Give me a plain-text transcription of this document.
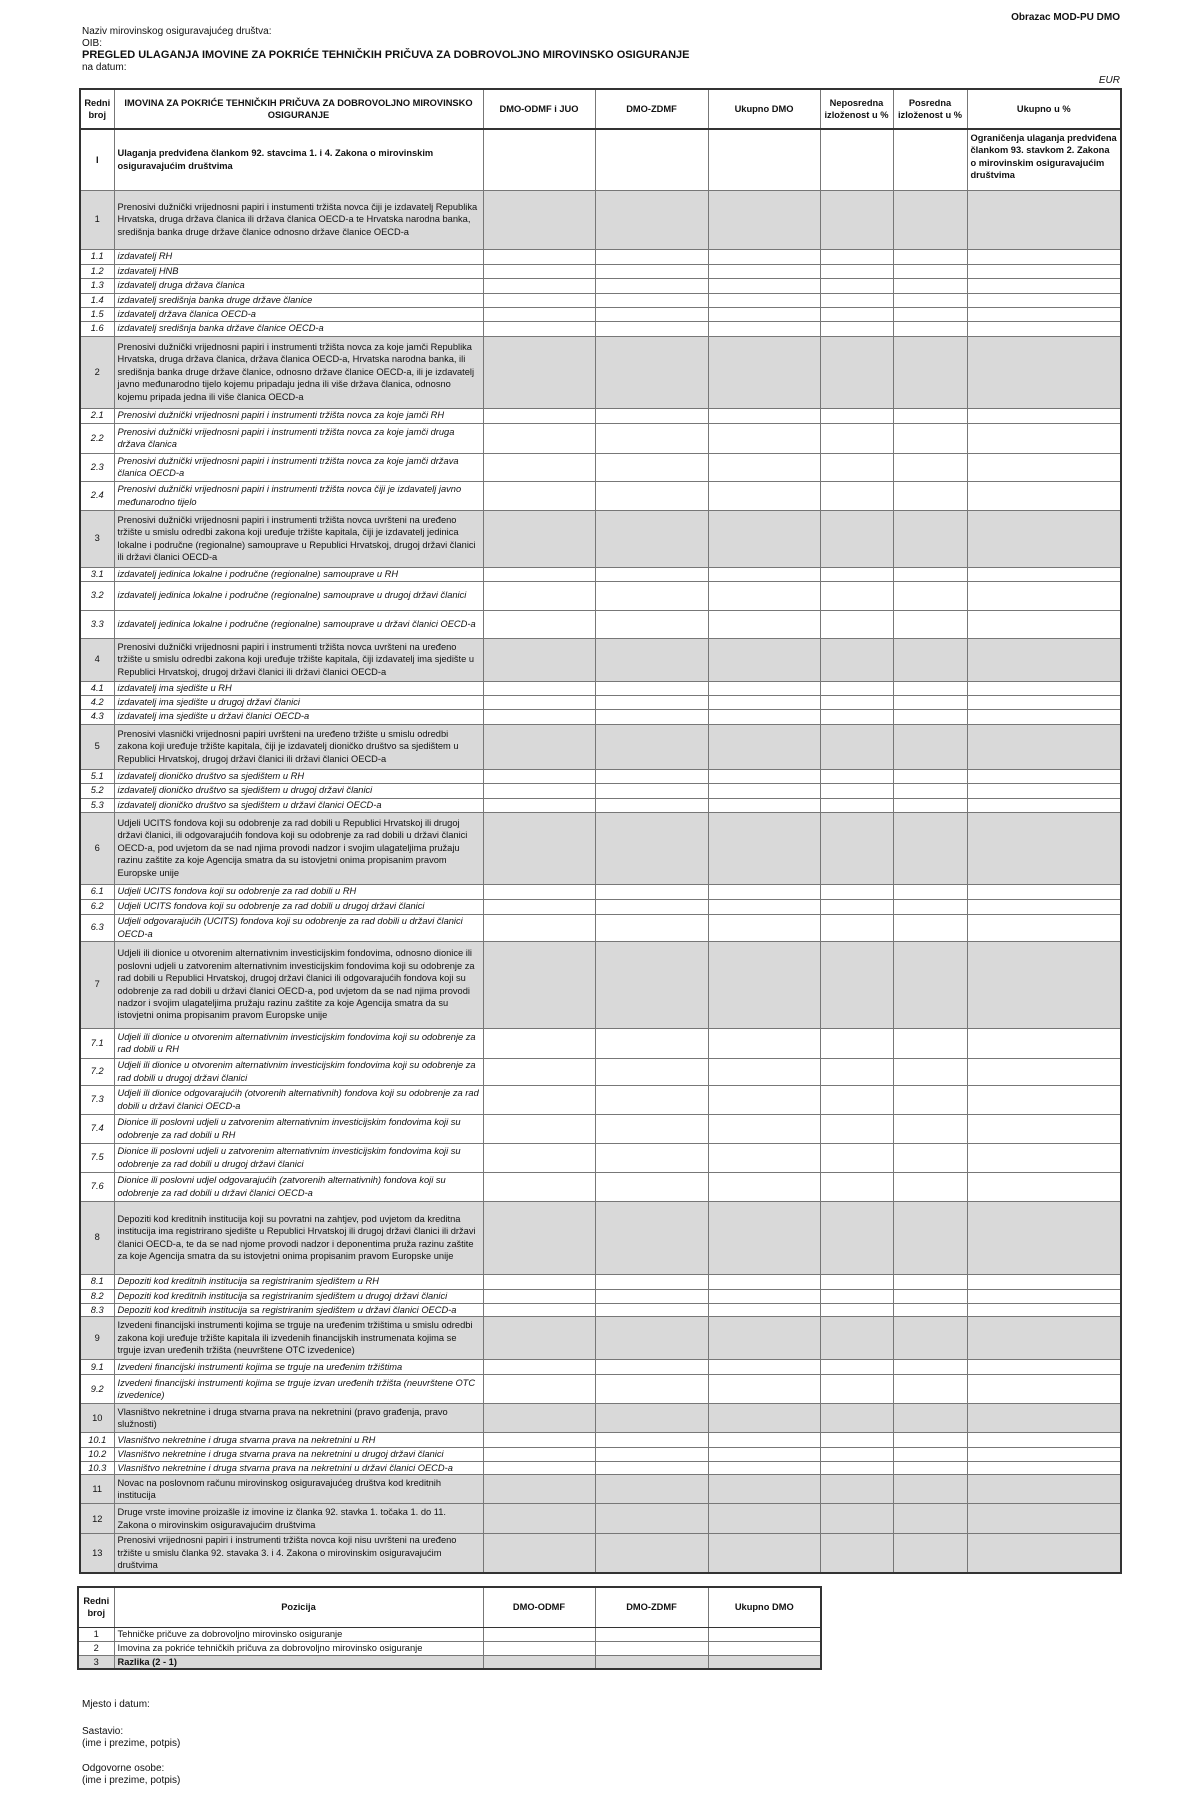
Obrazac MOD-PU DMO
Naziv mirovinskog osiguravajućeg društva:
OIB:
PREGLED ULAGANJA IMOVINE ZA POKRIĆE TEHNIČKIH PRIČUVA ZA DOBROVOLJNO MIROVINSKO OSIGURANJE
na datum:
EUR
Redni broj	IMOVINA ZA POKRIĆE TEHNIČKIH PRIČUVA ZA DOBROVOLJNO MIROVINSKO OSIGURANJE	DMO-ODMF i JUO	DMO-ZDMF	Ukupno DMO	Neposredna izloženost u %	Posredna izloženost u %	Ukupno u %
I	Ulaganja predviđena člankom 92. stavcima 1. i 4. Zakona o mirovinskim osiguravajućim društvima						Ograničenja ulaganja predviđena člankom 93. stavkom 2. Zakona o mirovinskim osiguravajućim društvima
1	Prenosivi dužnički vrijednosni papiri i instumenti tržišta novca čiji je izdavatelj Republika Hrvatska, druga država članica ili država članica OECD-a te Hrvatska narodna banka, središnja banka druge države članice odnosno države članice OECD-a						
1.1	izdavatelj RH						
1.2	izdavatelj HNB						
1.3	izdavatelj druga država članica						
1.4	izdavatelj središnja banka druge države članice						
1.5	izdavatelj država članica OECD-a						
1.6	izdavatelj središnja banka države članice OECD-a						
2	Prenosivi dužnički vrijednosni papiri i instrumenti tržišta novca za koje jamči Republika Hrvatska, druga država članica, država članica OECD-a, Hrvatska narodna banka, ili središnja banka druge države članice, odnosno države članice OECD-a, ili je izdavatelj javno međunarodno tijelo kojemu pripadaju jedna ili više država članica, odnosno kojemu pripada jedna ili više članica OECD-a						
2.1	Prenosivi dužnički vrijednosni papiri i instrumenti tržišta novca za koje jamči RH						
2.2	Prenosivi dužnički vrijednosni papiri i instrumenti tržišta novca za koje jamči druga država članica						
2.3	Prenosivi dužnički vrijednosni papiri i instrumenti tržišta novca za koje jamči država članica OECD-a						
2.4	Prenosivi dužnički vrijednosni papiri i instrumenti tržišta novca čiji je izdavatelj javno međunarodno tijelo						
3	Prenosivi dužnički vrijednosni papiri i instrumenti tržišta novca uvršteni na uređeno tržište u smislu odredbi zakona koji uređuje tržište kapitala, čiji je izdavatelj jedinica lokalne i područne (regionalne) samouprave u Republici Hrvatskoj, drugoj državi članici ili državi članici OECD-a						
3.1	izdavatelj jedinica lokalne i područne (regionalne) samouprave u RH						
3.2	izdavatelj jedinica lokalne i područne (regionalne) samouprave u drugoj državi članici						
3.3	izdavatelj jedinica lokalne i područne (regionalne) samouprave u državi članici OECD-a						
4	Prenosivi dužnički vrijednosni papiri i instrumenti tržišta novca uvršteni na uređeno tržište u smislu odredbi zakona koji uređuje tržište kapitala, čiji izdavatelj ima sjedište u Republici Hrvatskoj, drugoj državi članici ili državi članici OECD-a						
4.1	izdavatelj ima sjedište u RH						
4.2	izdavatelj ima sjedište u drugoj državi članici						
4.3	izdavatelj ima sjedište u državi članici OECD-a						
5	Prenosivi vlasnički vrijednosni papiri uvršteni na uređeno tržište u smislu odredbi zakona koji uređuje tržište kapitala, čiji je izdavatelj dioničko društvo sa sjedištem u Republici Hrvatskoj, drugoj državi članici ili državi članici OECD-a						
5.1	izdavatelj dioničko društvo sa sjedištem u RH						
5.2	izdavatelj dioničko društvo sa sjedištem u drugoj državi članici						
5.3	izdavatelj dioničko društvo sa sjedištem u državi članici OECD-a						
6	Udjeli UCITS fondova koji su odobrenje za rad dobili u Republici Hrvatskoj ili drugoj državi članici, ili odgovarajućih fondova koji su odobrenje za rad dobili u državi članici OECD-a, pod uvjetom da se nad njima provodi nadzor i svojim ulagateljima pružaju razinu zaštite za koje Agencija smatra da su istovjetni onima propisanim pravom Europske unije						
6.1	Udjeli UCITS fondova koji su odobrenje za rad dobili u RH						
6.2	Udjeli UCITS fondova koji su odobrenje za rad dobili u drugoj državi članici						
6.3	Udjeli odgovarajućih (UCITS) fondova koji su odobrenje za rad dobili u državi članici OECD-a						
7	Udjeli ili dionice u otvorenim alternativnim investicijskim fondovima, odnosno dionice ili poslovni udjeli u zatvorenim alternativnim investicijskim fondovima koji su odobrenje za rad dobili u Republici Hrvatskoj, drugoj državi članici ili odgovarajućih fondova koji su odobrenje za rad dobili u državi članici OECD-a, pod uvjetom da se nad njima provodi nadzor i svojim ulagateljima pružaju razinu zaštite za koje Agencija smatra da su istovjetni onima propisanim pravom Europske unije						
7.1	Udjeli ili dionice u otvorenim alternativnim investicijskim fondovima koji su odobrenje za rad dobili u RH						
7.2	Udjeli ili dionice u otvorenim alternativnim investicijskim fondovima koji su odobrenje za rad dobili u drugoj državi članici						
7.3	Udjeli ili dionice odgovarajućih (otvorenih alternativnih) fondova koji su odobrenje za rad dobili u državi članici OECD-a						
7.4	Dionice ili poslovni udjeli u zatvorenim alternativnim investicijskim fondovima koji su odobrenje za rad dobili u RH						
7.5	Dionice ili poslovni udjeli u zatvorenim alternativnim investicijskim fondovima koji su odobrenje za rad dobili u drugoj državi članici						
7.6	Dionice ili poslovni udjel odgovarajućih (zatvorenih alternativnih) fondova koji su odobrenje za rad dobili u državi članici OECD-a						
8	Depoziti kod kreditnih institucija koji su povratni na zahtjev, pod uvjetom da kreditna institucija ima registrirano sjedište u Republici Hrvatskoj ili drugoj državi članici ili državi članici OECD-a, te da se nad njome provodi nadzor i deponentima pruža razinu zaštite za koje Agencija smatra da su istovjetni onima propisanim pravom Europske unije						
8.1	Depoziti kod kreditnih institucija sa registriranim sjedištem u RH						
8.2	Depoziti kod kreditnih institucija sa registriranim sjedištem u drugoj državi članici						
8.3	Depoziti kod kreditnih institucija sa registriranim sjedištem u državi članici OECD-a						
9	Izvedeni financijski instrumenti kojima se trguje na uređenim tržištima u smislu odredbi zakona koji uređuje tržište kapitala ili izvedenih financijskih instrumenata kojima se trguje izvan uređenih tržišta (neuvrštene OTC izvedenice)						
9.1	Izvedeni financijski instrumenti kojima se trguje na uređenim tržištima						
9.2	Izvedeni financijski instrumenti kojima se trguje izvan uređenih tržišta (neuvrštene OTC izvedenice)						
10	Vlasništvo nekretnine i druga stvarna prava na nekretnini (pravo građenja, pravo služnosti)						
10.1	Vlasništvo nekretnine i druga stvarna prava na nekretnini u RH						
10.2	Vlasništvo nekretnine i druga stvarna prava na nekretnini u drugoj državi članici						
10.3	Vlasništvo nekretnine i druga stvarna prava na nekretnini u državi članici OECD-a						
11	Novac na poslovnom računu mirovinskog osiguravajućeg društva kod kreditnih institucija						
12	Druge vrste imovine proizašle iz imovine iz članka 92. stavka 1. točaka 1. do 11. Zakona o mirovinskim osiguravajućim društvima						
13	Prenosivi vrijednosni papiri i instrumenti tržišta novca koji nisu uvršteni na uređeno tržište u smislu članka 92. stavaka 3. i 4. Zakona o mirovinskim osiguravajućim društvima						
Redni broj	Pozicija	DMO-ODMF	DMO-ZDMF	Ukupno DMO
1	Tehničke pričuve za dobrovoljno mirovinsko osiguranje			
2	Imovina za pokriće tehničkih pričuva za dobrovoljno mirovinsko osiguranje			
3	Razlika (2 - 1)			
Mjesto i datum:
Sastavio:
(ime i prezime, potpis)
Odgovorne osobe:
(ime i prezime, potpis)
